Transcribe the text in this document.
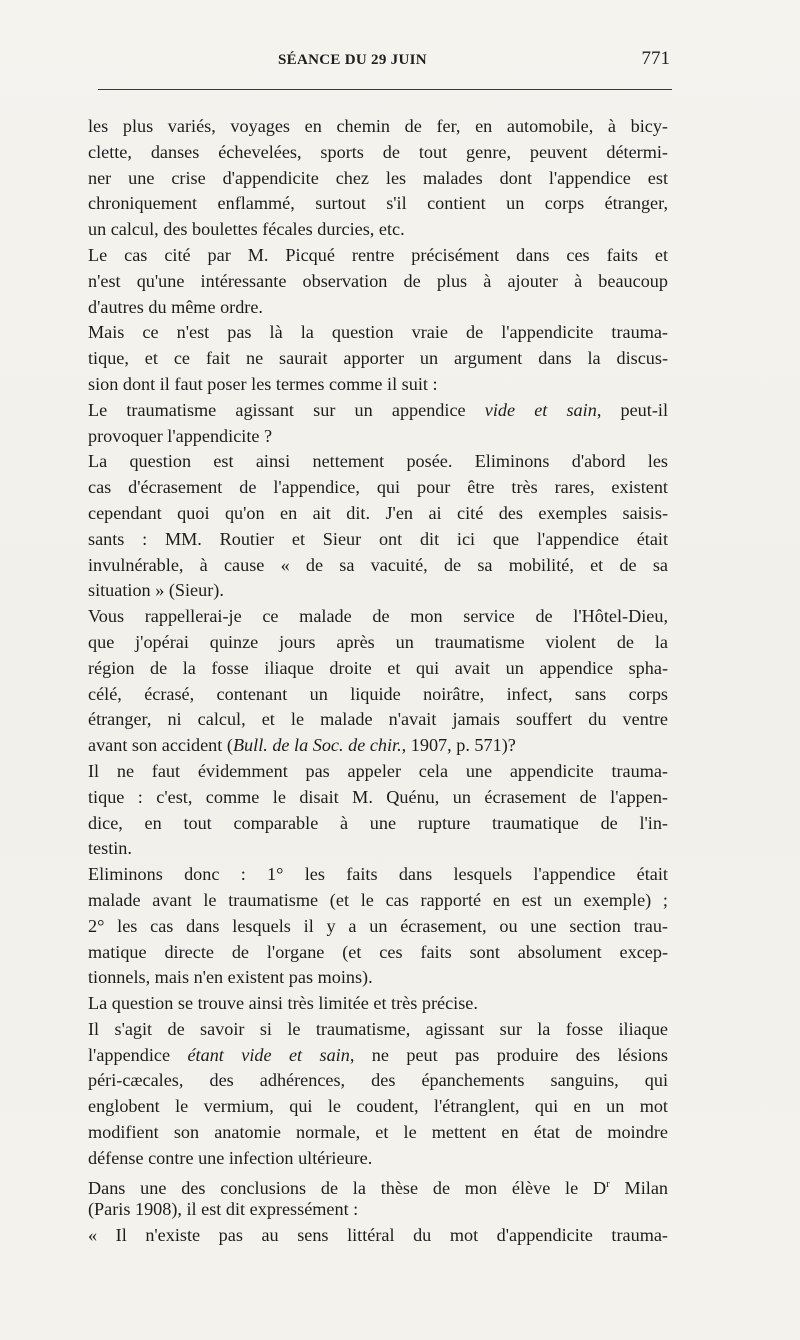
SÉANCE DU 29 JUIN	771
les plus variés, voyages en chemin de fer, en automobile, à bicy-
clette, danses échevelées, sports de tout genre, peuvent détermi-
ner une crise d'appendicite chez les malades dont l'appendice est
chroniquement enflammé, surtout s'il contient un corps étranger,
un calcul, des boulettes fécales durcies, etc.
Le cas cité par M. Picqué rentre précisément dans ces faits et
n'est qu'une intéressante observation de plus à ajouter à beaucoup
d'autres du même ordre.
Mais ce n'est pas là la question vraie de l'appendicite trauma-
tique, et ce fait ne saurait apporter un argument dans la discus-
sion dont il faut poser les termes comme il suit :
Le traumatisme agissant sur un appendice vide et sain, peut-il
provoquer l'appendicite ?
La question est ainsi nettement posée. Eliminons d'abord les
cas d'écrasement de l'appendice, qui pour être très rares, existent
cependant quoi qu'on en ait dit. J'en ai cité des exemples saisis-
sants : MM. Routier et Sieur ont dit ici que l'appendice était
invulnérable, à cause « de sa vacuité, de sa mobilité, et de sa
situation » (Sieur).
Vous rappellerai-je ce malade de mon service de l'Hôtel-Dieu,
que j'opérai quinze jours après un traumatisme violent de la
région de la fosse iliaque droite et qui avait un appendice spha-
célé, écrasé, contenant un liquide noirâtre, infect, sans corps
étranger, ni calcul, et le malade n'avait jamais souffert du ventre
avant son accident (Bull. de la Soc. de chir., 1907, p. 571)?
Il ne faut évidemment pas appeler cela une appendicite trauma-
tique : c'est, comme le disait M. Quénu, un écrasement de l'appen-
dice, en tout comparable à une rupture traumatique de l'in-
testin.
Eliminons donc : 1° les faits dans lesquels l'appendice était
malade avant le traumatisme (et le cas rapporté en est un exemple) ;
2° les cas dans lesquels il y a un écrasement, ou une section trau-
matique directe de l'organe (et ces faits sont absolument excep-
tionnels, mais n'en existent pas moins).
La question se trouve ainsi très limitée et très précise.
Il s'agit de savoir si le traumatisme, agissant sur la fosse iliaque
l'appendice étant vide et sain, ne peut pas produire des lésions
péri-cæcales, des adhérences, des épanchements sanguins, qui
englobent le vermium, qui le coudent, l'étranglent, qui en un mot
modifient son anatomie normale, et le mettent en état de moindre
défense contre une infection ultérieure.
Dans une des conclusions de la thèse de mon élève le $D^r$ Milan
(Paris 1908), il est dit expressément :
« Il n'existe pas au sens littéral du mot d'appendicite trauma-
